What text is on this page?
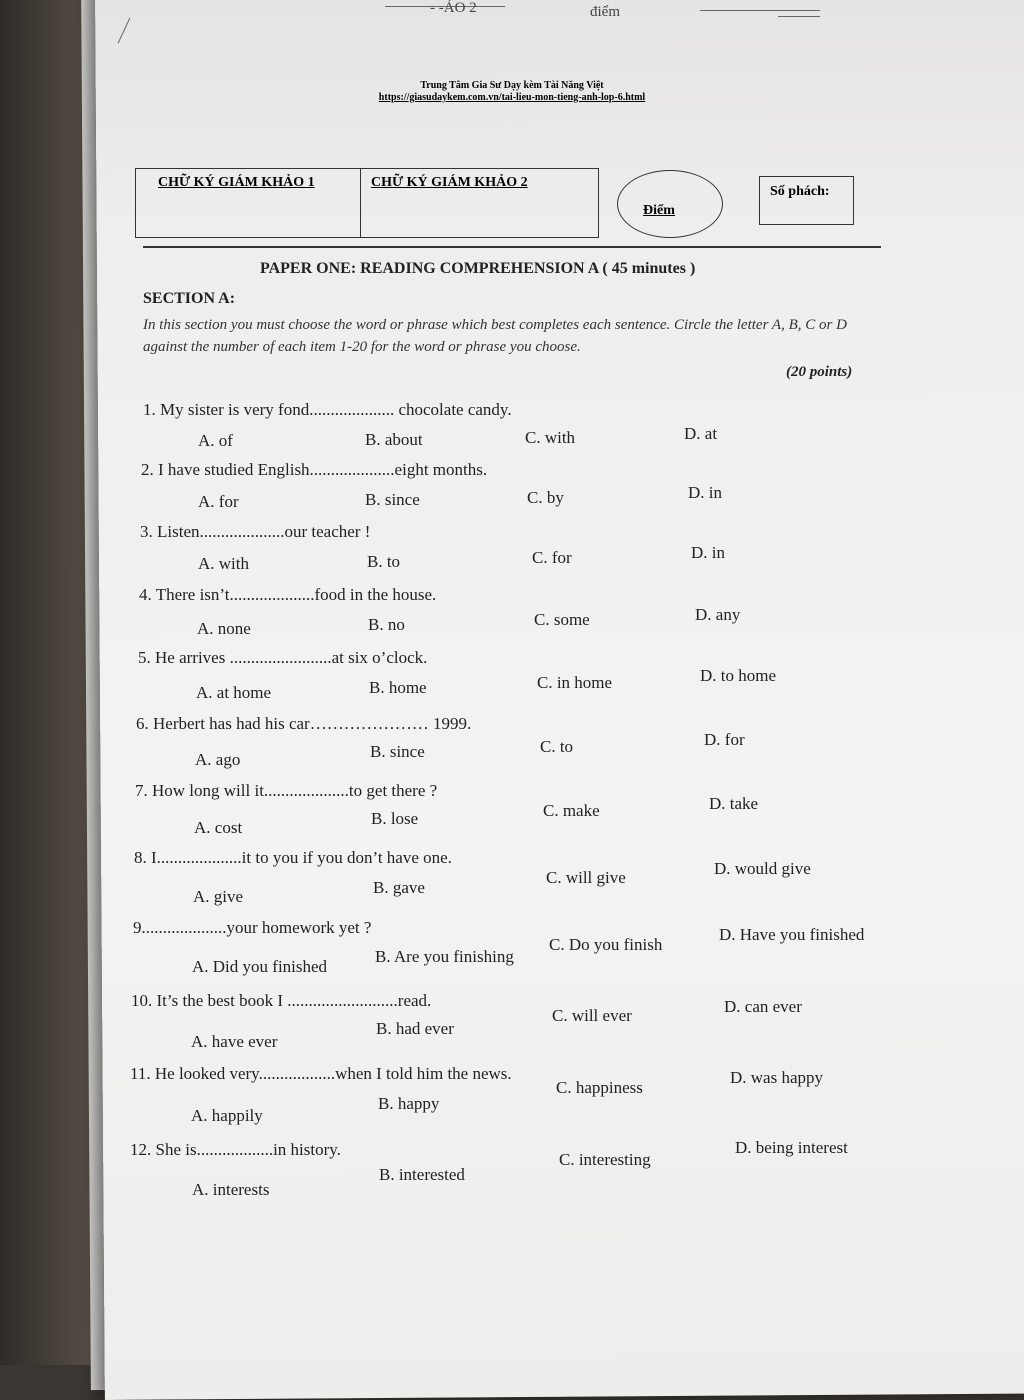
- -ẢO 2	điểm
Trung Tâm Gia Sư Dạy kèm Tài Năng Việt
https://giasudaykem.com.vn/tai-lieu-mon-tieng-anh-lop-6.html
CHỮ KÝ GIÁM KHẢO 1	CHỮ KÝ GIÁM KHẢO 2
Điểm
Số phách:
PAPER ONE: READING COMPREHENSION A ( 45 minutes )
SECTION A:
In this section you must choose the word or phrase which best completes each sentence. Circle the letter A, B, C or D against the number of each item 1-20 for the word or phrase you choose.
(20 points)
1. My sister is very fond.................... chocolate candy.
A. of	B. about	C. with	D. at
2. I have studied English....................eight months.
A. for	B. since	C. by	D. in
3. Listen....................our teacher !
A. with	B. to	C. for	D. in
4. There isn’t....................food in the house.
A. none	B. no	C. some	D. any
5. He arrives ........................at six o’clock.
A. at home	B. home	C. in home	D. to home
6. Herbert has had his car………………… 1999.
A. ago	B. since	C. to	D. for
7. How long will it....................to get there ?
A. cost	B. lose	C. make	D. take
8. I....................it to you if you don’t have one.
A. give	B. gave
C. will give	D. would give
9....................your homework yet ?
A. Did you finished
B. Are you finishing
C. Do you finish
D. Have you finished
10. It’s the best book I ..........................read.
A. have ever
B. had ever
C. will ever	D. can ever
11. He looked very..................when I told him the news.
A. happily
B. happy
C. happiness
D. was happy
12. She is..................in history.
A. interests
B. interested
C. interesting
D. being interest
